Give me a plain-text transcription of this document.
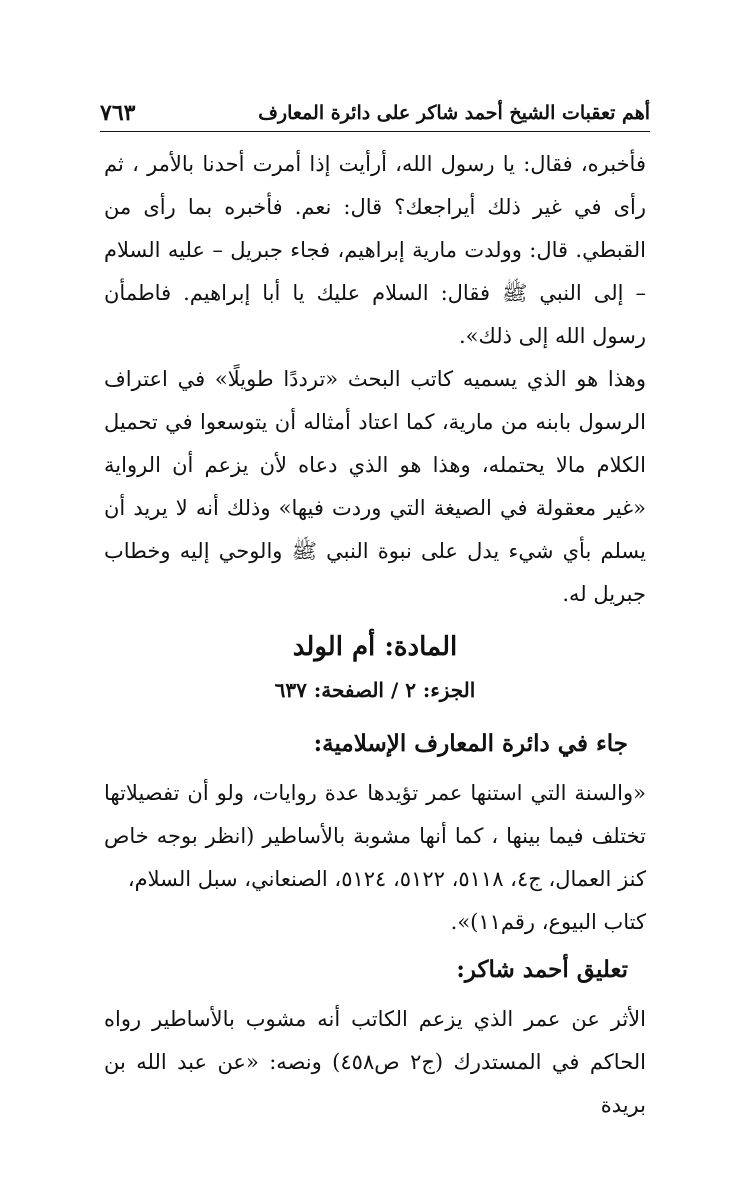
أهم تعقبات الشيخ أحمد شاكر على دائرة المعارف
٧٦٣

فأخبره، فقال: يا رسول الله، أرأيت إذا أمرت أحدنا بالأمر ، ثم رأى في غير ذلك أيراجعك؟ قال: نعم. فأخبره بما رأى من القبطي. قال: وولدت مارية إبراهيم، فجاء جبريل – عليه السلام – إلى النبي ﷺ فقال: السلام عليك يا أبا إبراهيم. فاطمأن رسول الله إلى ذلك».

وهذا هو الذي يسميه كاتب البحث «ترددًا طويلًا» في اعتراف الرسول بابنه من مارية، كما اعتاد أمثاله أن يتوسعوا في تحميل الكلام مالا يحتمله، وهذا هو الذي دعاه لأن يزعم أن الرواية «غير معقولة في الصيغة التي وردت فيها» وذلك أنه لا يريد أن يسلم بأي شيء يدل على نبوة النبي ﷺ والوحي إليه وخطاب جبريل له.

المادة: أم الولد

الجزء: ٢ / الصفحة: ٦٣٧

جاء في دائرة المعارف الإسلامية:

«والسنة التي استنها عمر تؤيدها عدة روايات، ولو أن تفصيلاتها تختلف فيما بينها ، كما أنها مشوبة بالأساطير (انظر بوجه خاص كنز العمال، ج٤، ٥١١٨، ٥١٢٢، ٥١٢٤، الصنعاني، سبل السلام،

كتاب البيوع، رقم١١)».

تعليق أحمد شاكر:

الأثر عن عمر الذي يزعم الكاتب أنه مشوب بالأساطير رواه الحاكم في المستدرك (ج٢ ص٤٥٨) ونصه: «عن عبد الله بن بريدة
